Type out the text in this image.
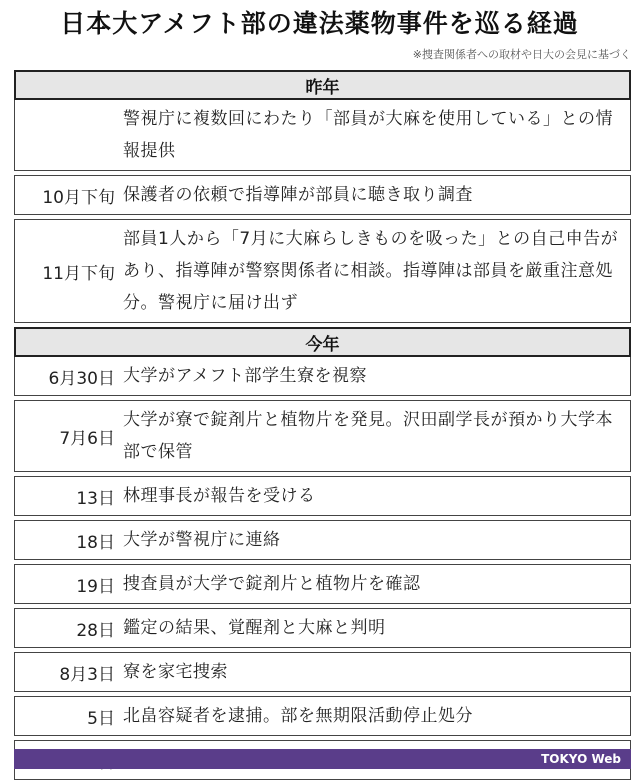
日本大アメフト部の違法薬物事件を巡る経過
※捜査関係者への取材や日大の会見に基づく
昨年
警視庁に複数回にわたり「部員が大麻を使用している」との情報提供
10月下旬 保護者の依頼で指導陣が部員に聴き取り調査
11月下旬
部員1人から「7月に大麻らしきものを吸った」との自己申告があり、指導陣が警察関係者に相談。指導陣は部員を厳重注意処分。警視庁に届け出ず
今年
6月30日 大学がアメフト部学生寮を視察
7月6日
大学が寮で錠剤片と植物片を発見。沢田副学長が預かり大学本部で保管
13日 林理事長が報告を受ける
18日 大学が警視庁に連絡
19日 捜査員が大学で錠剤片と植物片を確認
28日 鑑定の結果、覚醒剤と大麻と判明
8月3日 寮を家宅捜索
5日 北畠容疑者を逮捕。部を無期限活動停止処分
TOKYO Web
